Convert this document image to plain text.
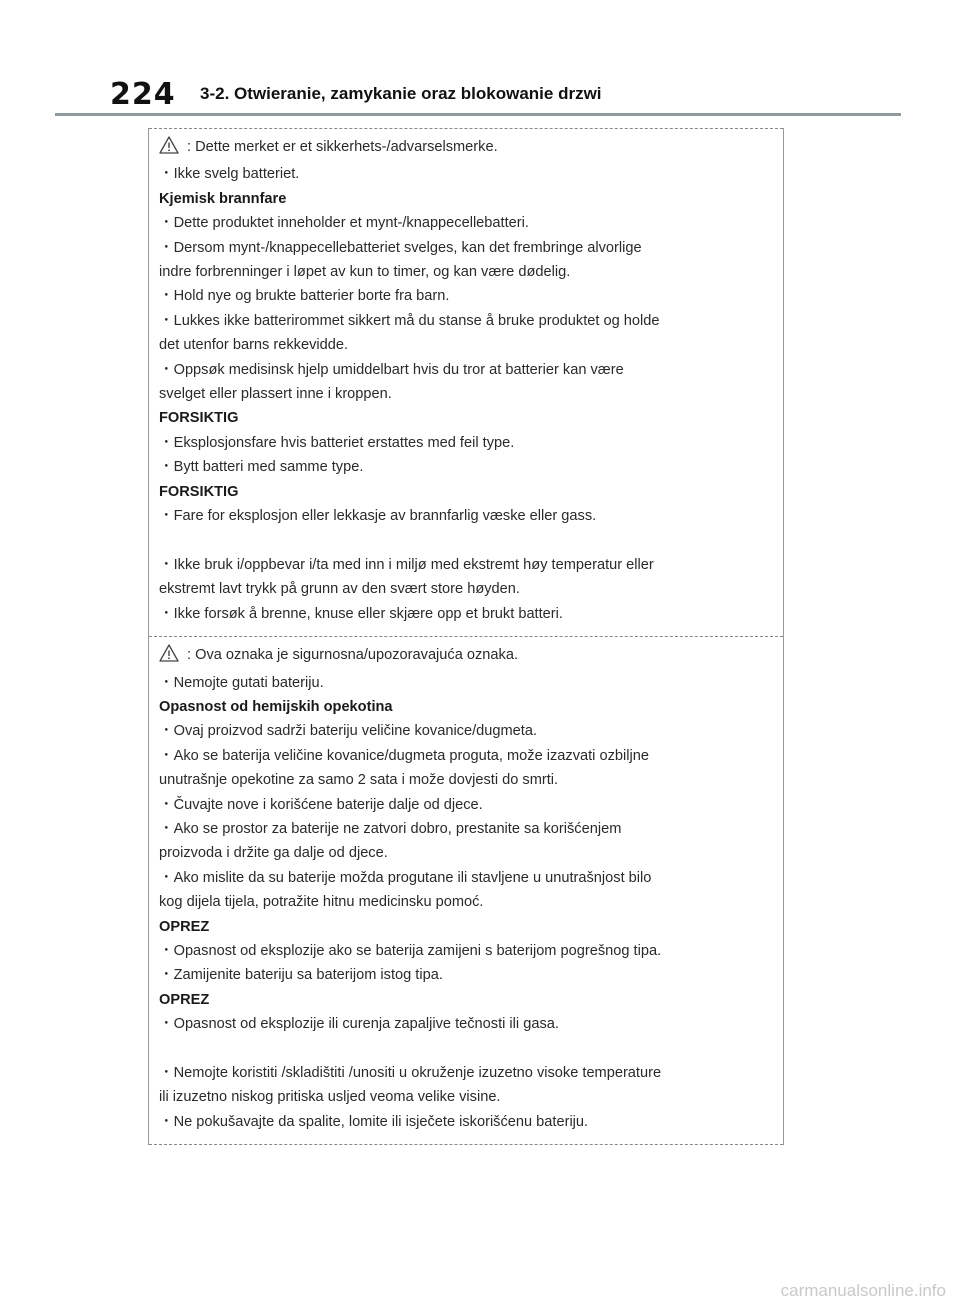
224	3-2. Otwieranie, zamykanie oraz blokowanie drzwi
: Dette merket er et sikkerhets-/advarselsmerke.
・Ikke svelg batteriet.
Kjemisk brannfare
・Dette produktet inneholder et mynt-/knappecellebatteri.
・Dersom mynt-/knappecellebatteriet svelges, kan det frembringe alvorlige
indre forbrenninger i løpet av kun to timer, og kan være dødelig.
・Hold nye og brukte batterier borte fra barn.
・Lukkes ikke batterirommet sikkert må du stanse å bruke produktet og holde
det utenfor barns rekkevidde.
・Oppsøk medisinsk hjelp umiddelbart hvis du tror at batterier kan være
svelget eller plassert inne i kroppen.
FORSIKTIG
・Eksplosjonsfare hvis batteriet erstattes med feil type.
・Bytt batteri med samme type.
FORSIKTIG
・Fare for eksplosjon eller lekkasje av brannfarlig væske eller gass.
・Ikke bruk i/oppbevar i/ta med inn i miljø med ekstremt høy temperatur eller
ekstremt lavt trykk på grunn av den svært store høyden.
・Ikke forsøk å brenne, knuse eller skjære opp et brukt batteri.
: Ova oznaka je sigurnosna/upozoravajuća oznaka.
・Nemojte gutati bateriju.
Opasnost od hemijskih opekotina
・Ovaj proizvod sadrži bateriju veličine kovanice/dugmeta.
・Ako se baterija veličine kovanice/dugmeta proguta, može izazvati ozbiljne
unutrašnje opekotine za samo 2 sata i može dovjesti do smrti.
・Čuvajte nove i korišćene baterije dalje od djece.
・Ako se prostor za baterije ne zatvori dobro, prestanite sa korišćenjem
proizvoda i držite ga dalje od djece.
・Ako mislite da su baterije možda progutane ili stavljene u unutrašnjost bilo
kog dijela tijela, potražite hitnu medicinsku pomoć.
OPREZ
・Opasnost od eksplozije ako se baterija zamijeni s baterijom pogrešnog tipa.
・Zamijenite bateriju sa baterijom istog tipa.
OPREZ
・Opasnost od eksplozije ili curenja zapaljive tečnosti ili gasa.
・Nemojte koristiti /skladištiti /unositi u okruženje izuzetno visoke temperature
ili izuzetno niskog pritiska usljed veoma velike visine.
・Ne pokušavajte da spalite, lomite ili isječete iskorišćenu bateriju.
carmanualsonline.info
